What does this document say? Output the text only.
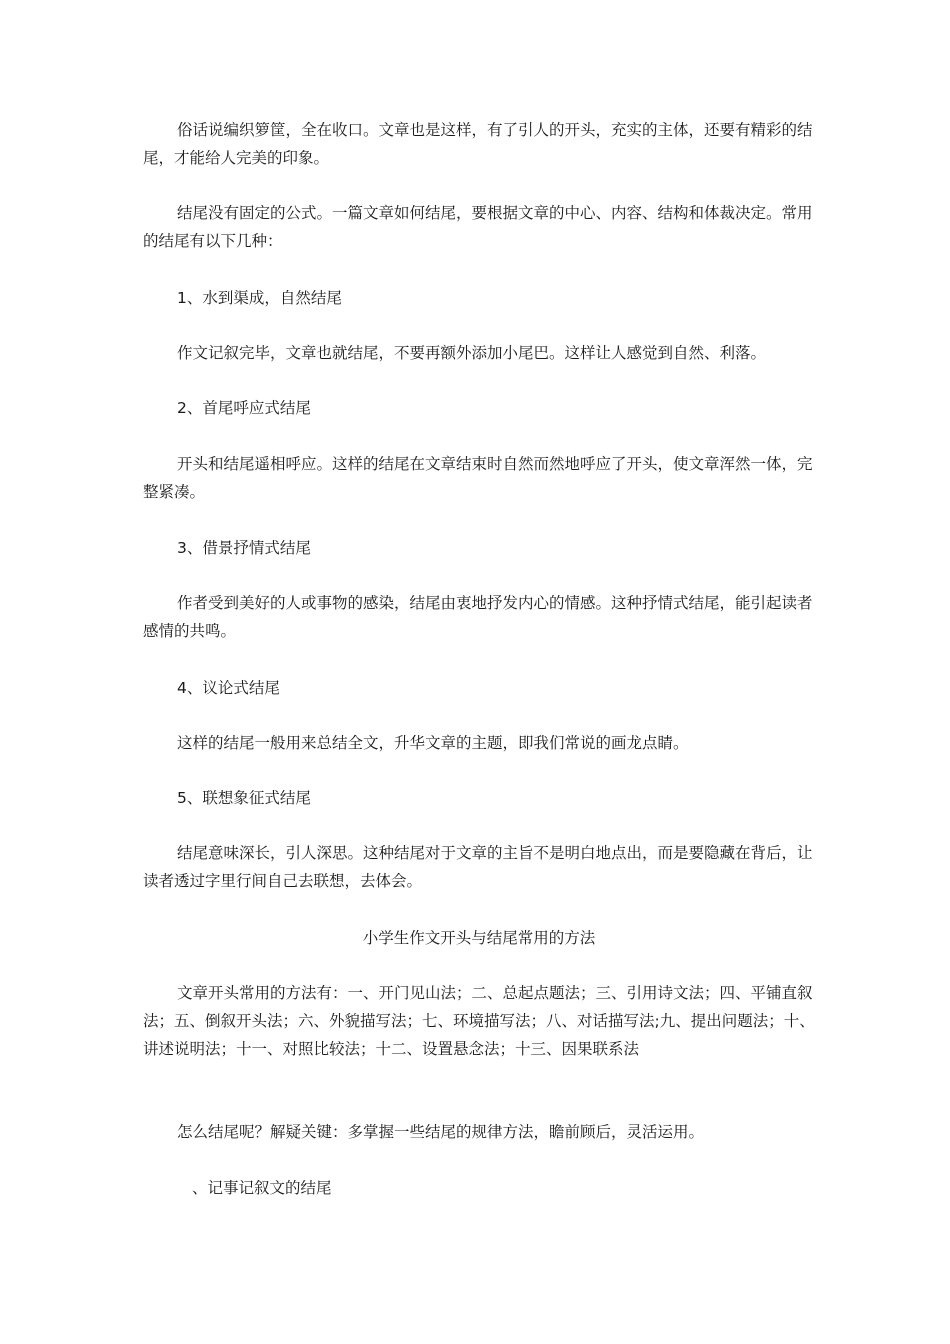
俗话说编织箩筐，全在收口。文章也是这样，有了引人的开头，充实的主体，还要有精彩的结尾，才能给人完美的印象。

结尾没有固定的公式。一篇文章如何结尾，要根据文章的中心、内容、结构和体裁决定。常用的结尾有以下几种：

1、水到渠成，自然结尾

作文记叙完毕，文章也就结尾，不要再额外添加小尾巴。这样让人感觉到自然、利落。

2、首尾呼应式结尾

开头和结尾遥相呼应。这样的结尾在文章结束时自然而然地呼应了开头，使文章浑然一体，完整紧凑。

3、借景抒情式结尾

作者受到美好的人或事物的感染，结尾由衷地抒发内心的情感。这种抒情式结尾，能引起读者感情的共鸣。

4、议论式结尾

这样的结尾一般用来总结全文，升华文章的主题，即我们常说的画龙点睛。

5、联想象征式结尾

结尾意味深长，引人深思。这种结尾对于文章的主旨不是明白地点出，而是要隐藏在背后，让读者透过字里行间自己去联想，去体会。

小学生作文开头与结尾常用的方法

文章开头常用的方法有：一、开门见山法；二、总起点题法；三、引用诗文法；四、平铺直叙法；五、倒叙开头法；六、外貌描写法；七、环境描写法；八、对话描写法;九、提出问题法；十、讲述说明法；十一、对照比较法；十二、设置悬念法；十三、因果联系法

怎么结尾呢？解疑关键：多掌握一些结尾的规律方法，瞻前顾后，灵活运用。

、记事记叙文的结尾
